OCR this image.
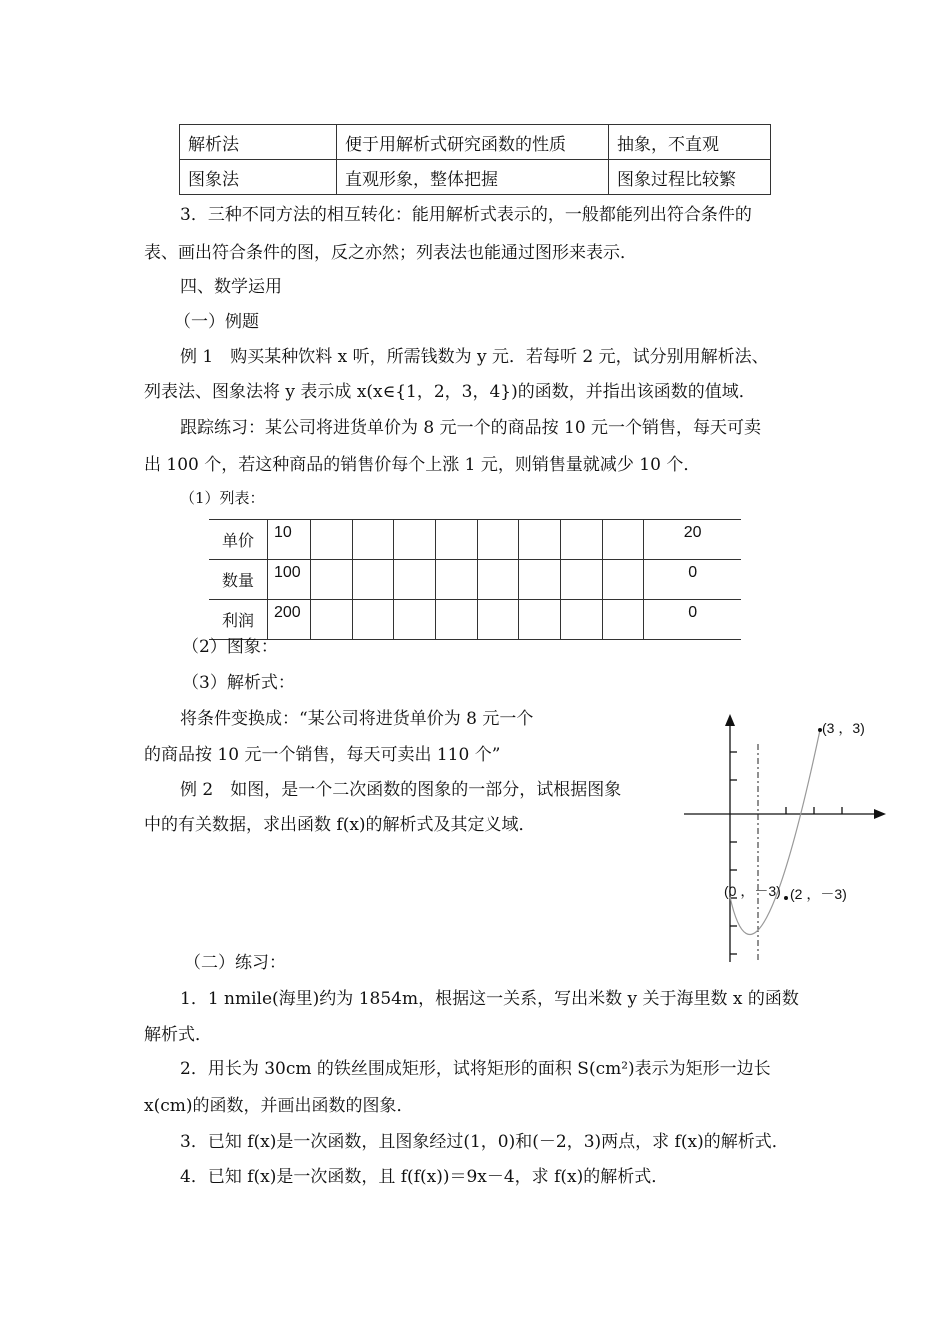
解析法	便于用解析式研究函数的性质	抽象，不直观
图象法	直观形象，整体把握	图象过程比较繁
3．三种不同方法的相互转化：能用解析式表示的，一般都能列出符合条件的
表、画出符合条件的图，反之亦然；列表法也能通过图形来表示．
四、数学运用
（一）例题
例 1　购买某种饮料 x 听，所需钱数为 y 元．若每听 2 元，试分别用解析法、
列表法、图象法将 y 表示成 x(x∈{1，2，3，4})的函数，并指出该函数的值域．
跟踪练习：某公司将进货单价为 8 元一个的商品按 10 元一个销售，每天可卖
出 100 个，若这种商品的销售价每个上涨 1 元，则销售量就减少 10 个．
（1）列表：
单价	10									20
数量	100									0
利润	200									0
（2）图象：
（3）解析式：
将条件变换成：“某公司将进货单价为 8 元一个
的商品按 10 元一个销售，每天可卖出 110 个”
例 2　如图，是一个二次函数的图象的一部分，试根据图象
中的有关数据，求出函数 f(x)的解析式及其定义域．
(3 ，3)
(0 ，－3) (2 ，－3)
（二）练习：
1．1 nmile(海里)约为 1854m，根据这一关系，写出米数 y 关于海里数 x 的函数
解析式．
2．用长为 30cm 的铁丝围成矩形，试将矩形的面积 S(cm²)表示为矩形一边长
x(cm)的函数，并画出函数的图象．
3．已知 f(x)是一次函数，且图象经过(1，0)和(－2，3)两点，求 f(x)的解析式．
4．已知 f(x)是一次函数，且 f(f(x))＝9x－4，求 f(x)的解析式．
